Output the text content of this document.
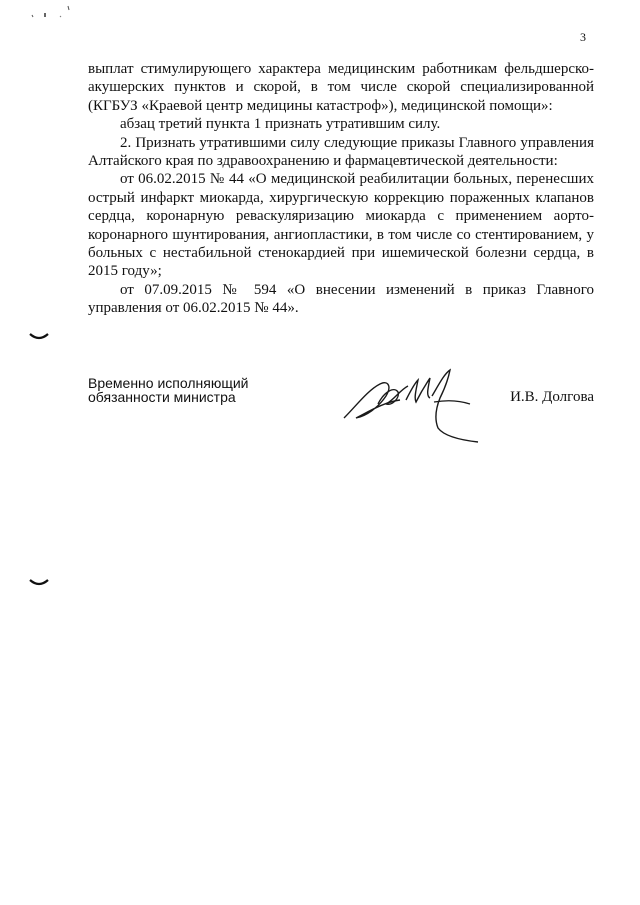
3

выплат стимулирующего характера медицинским работникам фельдшерско-акушерских пунктов и скорой, в том числе скорой специализированной (КГБУЗ «Краевой центр медицины катастроф»), медицинской помощи»:

абзац третий пункта 1 признать утратившим силу.

2. Признать утратившими силу следующие приказы Главного управления Алтайского края по здравоохранению и фармацевтической деятельности:

от 06.02.2015 № 44 «О медицинской реабилитации больных, перенесших острый инфаркт миокарда, хирургическую коррекцию пораженных клапанов сердца, коронарную реваскуляризацию миокарда с применением аорто-коронарного шунтирования, ангиопластики, в том числе со стентированием, у больных с нестабильной стенокардией при ишемической болезни сердца, в 2015 году»;

от 07.09.2015 № 594 «О внесении изменений в приказ Главного управления от 06.02.2015 № 44».

Временно исполняющий
обязанности министра	И.В. Долгова
